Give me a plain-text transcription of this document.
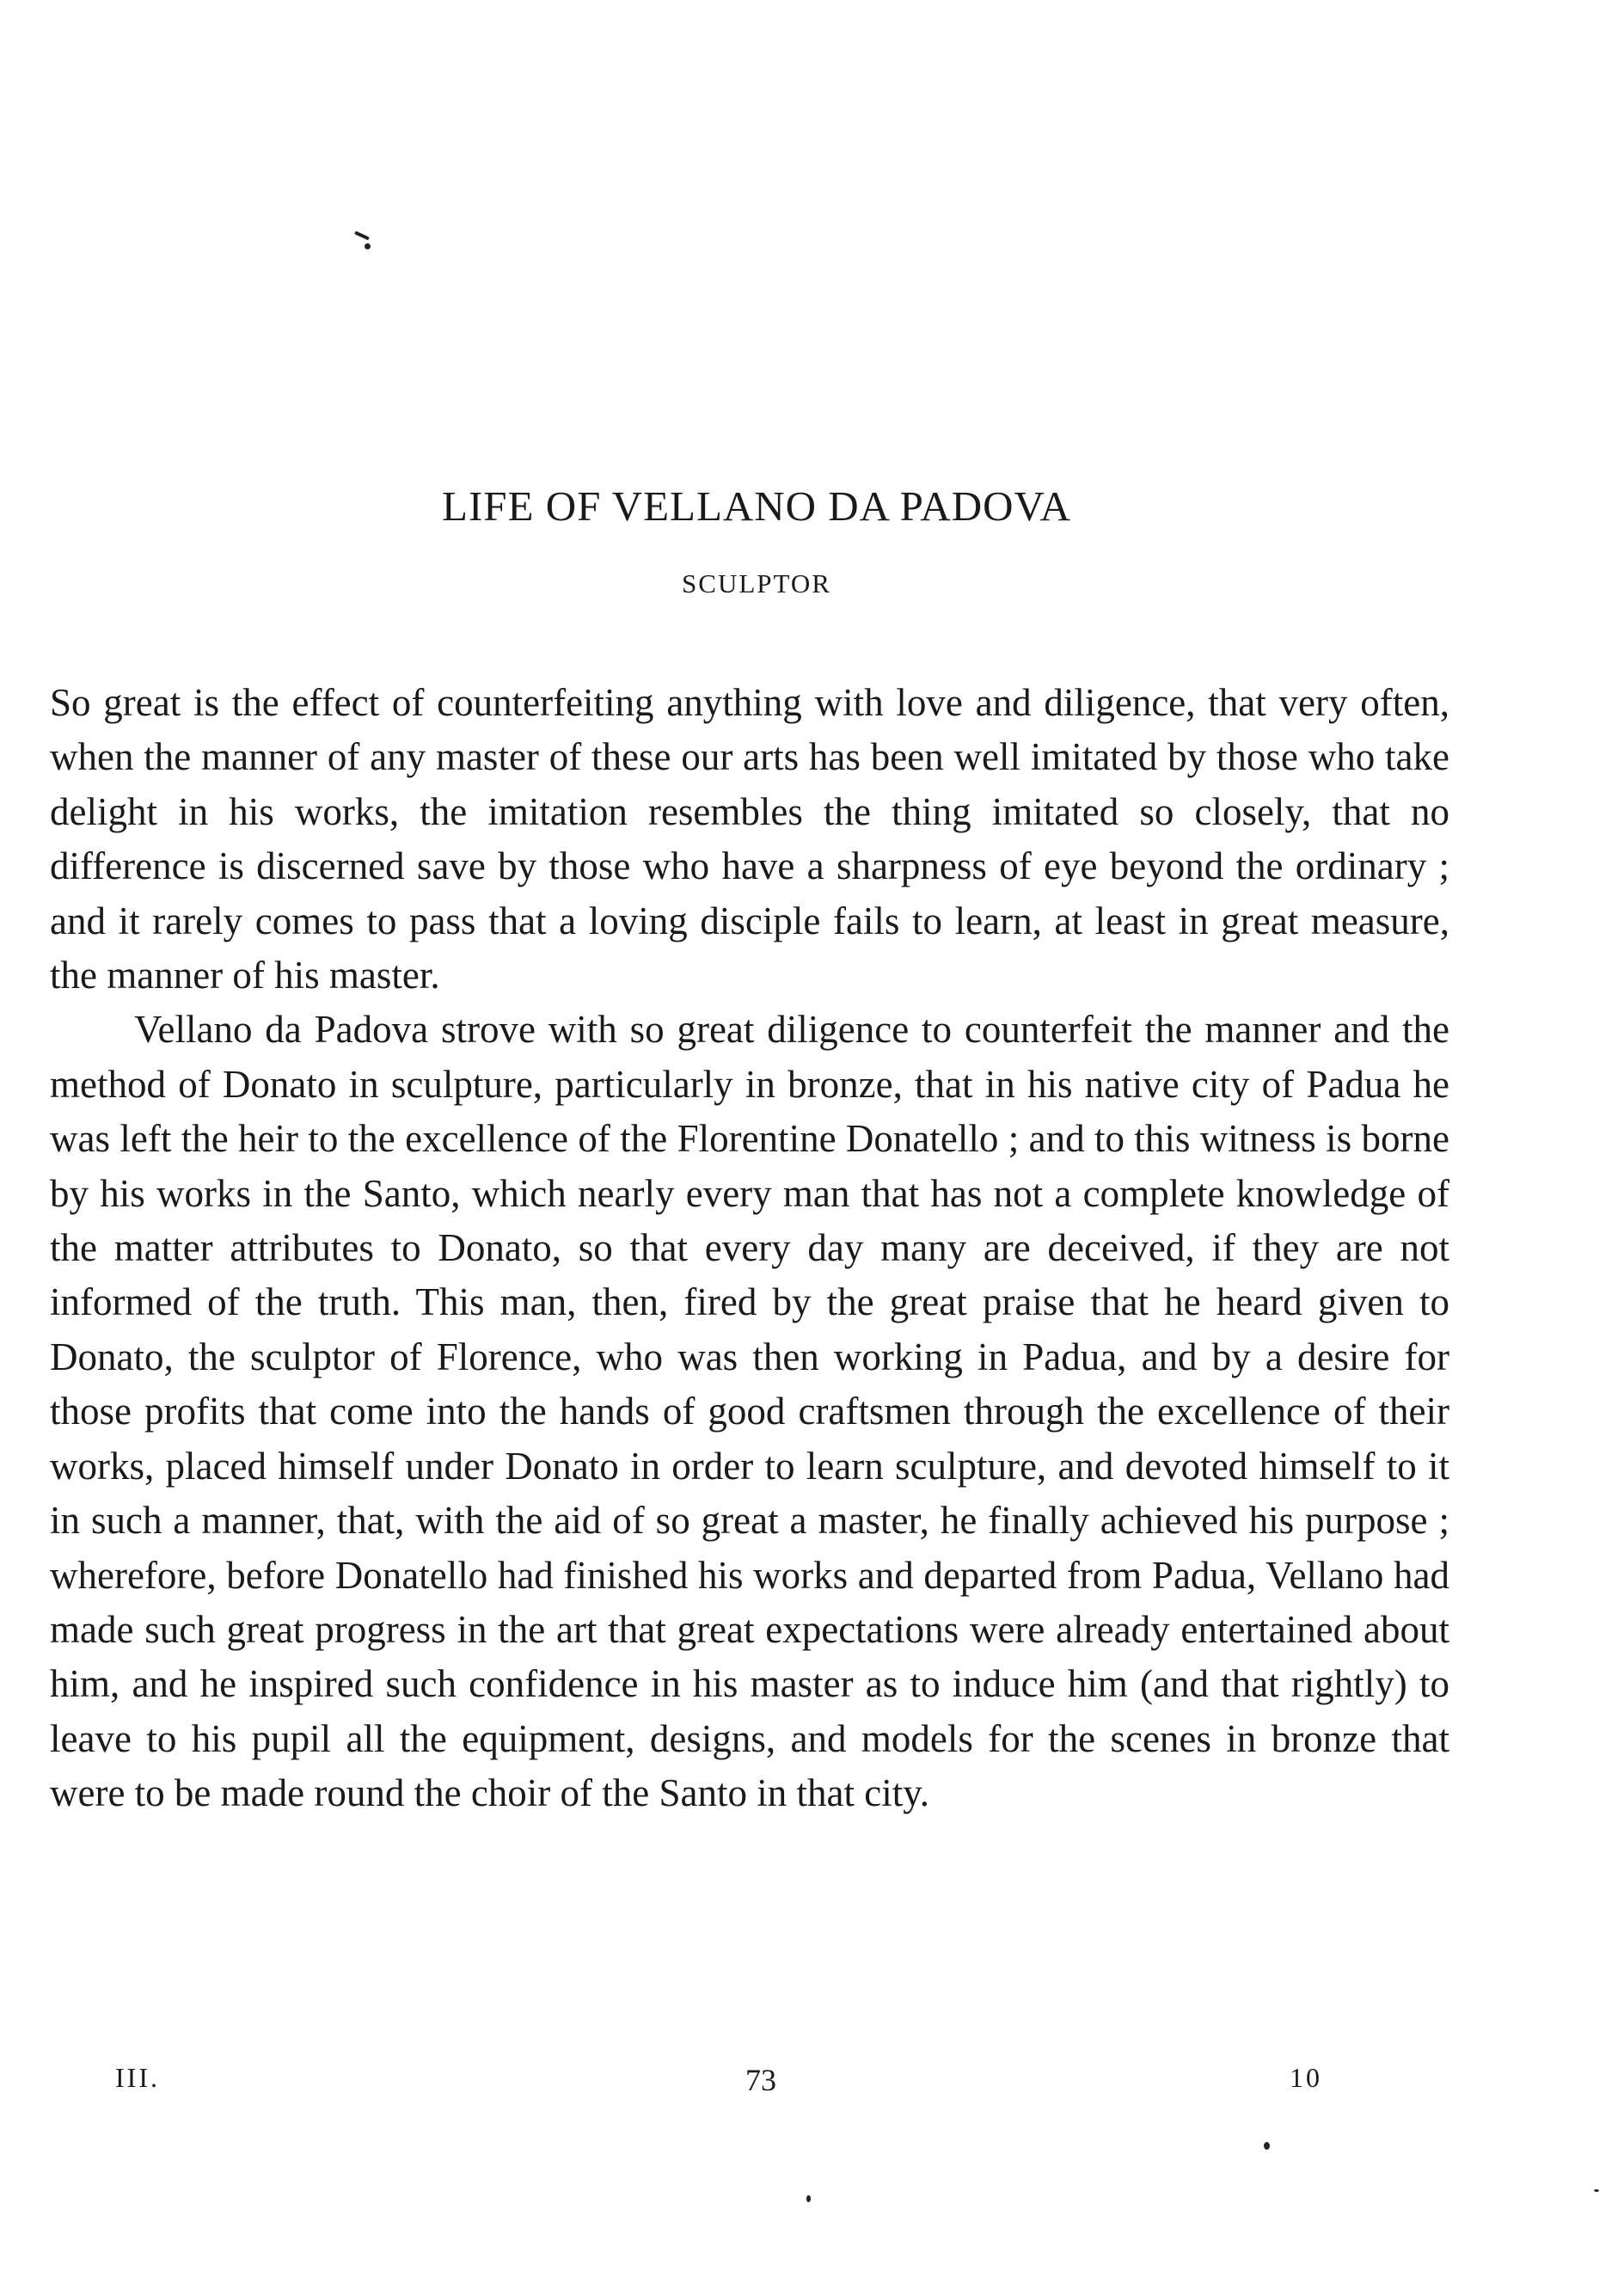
LIFE OF VELLANO DA PADOVA
SCULPTOR

So great is the effect of counterfeiting anything with love and diligence, that very often, when the manner of any master of these our arts has been well imitated by those who take delight in his works, the imitation resembles the thing imitated so closely, that no difference is discerned save by those who have a sharpness of eye beyond the ordinary ; and it rarely comes to pass that a loving disciple fails to learn, at least in great measure, the manner of his master.

Vellano da Padova strove with so great diligence to counterfeit the manner and the method of Donato in sculpture, particularly in bronze, that in his native city of Padua he was left the heir to the excellence of the Florentine Donatello ; and to this witness is borne by his works in the Santo, which nearly every man that has not a complete knowledge of the matter attributes to Donato, so that every day many are deceived, if they are not informed of the truth. This man, then, fired by the great praise that he heard given to Donato, the sculptor of Florence, who was then working in Padua, and by a desire for those profits that come into the hands of good craftsmen through the excellence of their works, placed himself under Donato in order to learn sculpture, and devoted himself to it in such a manner, that, with the aid of so great a master, he finally achieved his purpose ; wherefore, before Donatello had finished his works and departed from Padua, Vellano had made such great progress in the art that great expectations were already entertained about him, and he inspired such confidence in his master as to induce him (and that rightly) to leave to his pupil all the equipment, designs, and models for the scenes in bronze that were to be made round the choir of the Santo in that city.

III.	73	10
